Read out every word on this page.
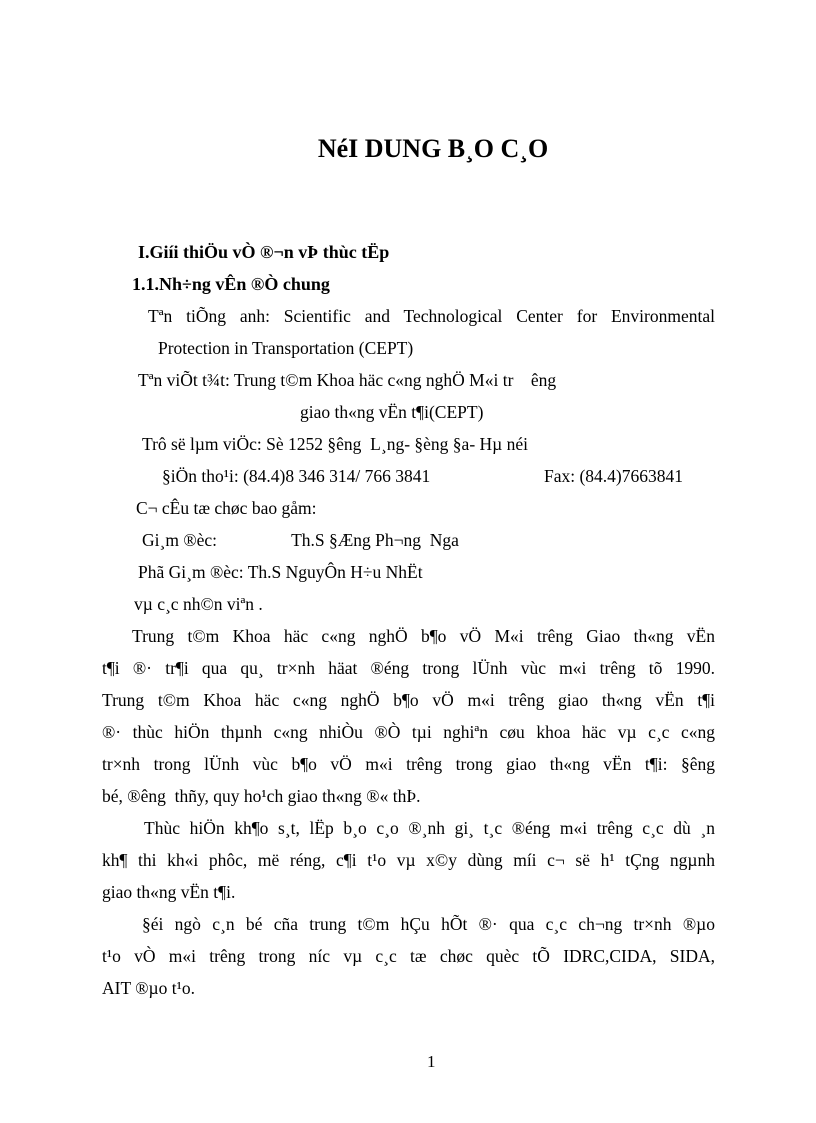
NéI DUNG B¸O C¸O
I.Giíi thiÖu vÒ ®¬n vÞ thùc tËp
1.1.Nh÷ng vÊn ®Ò chung
Tªn tiÕng anh: Scientific and Technological Center for Environmental
Protection in Transportation (CEPT)
Tªn viÕt t¾t: Trung t©m Khoa häc c«ng nghÖ M«i tr    êng
giao th«ng vËn t¶i(CEPT)
Trô së lµm viÖc: Sè 1252 §êng  L¸ng- §èng §a- Hµ néi
§iÖn tho¹i: (84.4)8 346 314/ 766 3841                          Fax: (84.4)7663841
C¬ cÊu tæ chøc bao gåm:
Gi¸m ®èc:                 Th.S §Æng Ph¬ng  Nga
Phã Gi¸m ®èc: Th.S NguyÔn H÷u NhËt
vµ c¸c nh©n viªn .
Trung t©m Khoa häc c«ng nghÖ b¶o vÖ M«i trêng Giao th«ng vËn
t¶i ®· tr¶i qua qu¸ tr×nh häat ®éng trong lÜnh vùc m«i trêng tõ 1990.
Trung t©m Khoa häc c«ng nghÖ b¶o vÖ m«i trêng giao th«ng vËn t¶i
®· thùc hiÖn thµnh c«ng nhiÒu ®Ò tµi nghiªn cøu khoa häc vµ c¸c c«ng
tr×nh trong lÜnh vùc b¶o vÖ m«i trêng trong giao th«ng vËn t¶i: §êng
bé, ®êng  thñy, quy ho¹ch giao th«ng ®« thÞ.
Thùc hiÖn kh¶o s¸t, lËp b¸o c¸o ®¸nh gi¸ t¸c ®éng m«i trêng c¸c dù ¸n
kh¶ thi kh«i phôc, më réng, c¶i t¹o vµ x©y dùng míi c¬ së h¹ tÇng ngµnh
giao th«ng vËn t¶i.
§éi ngò c¸n bé cña trung t©m hÇu hÕt ®· qua c¸c ch¬ng tr×nh ®µo
t¹o vÒ m«i trêng trong níc vµ c¸c tæ chøc quèc tÕ IDRC,CIDA, SIDA,
AIT ®µo t¹o.
1
